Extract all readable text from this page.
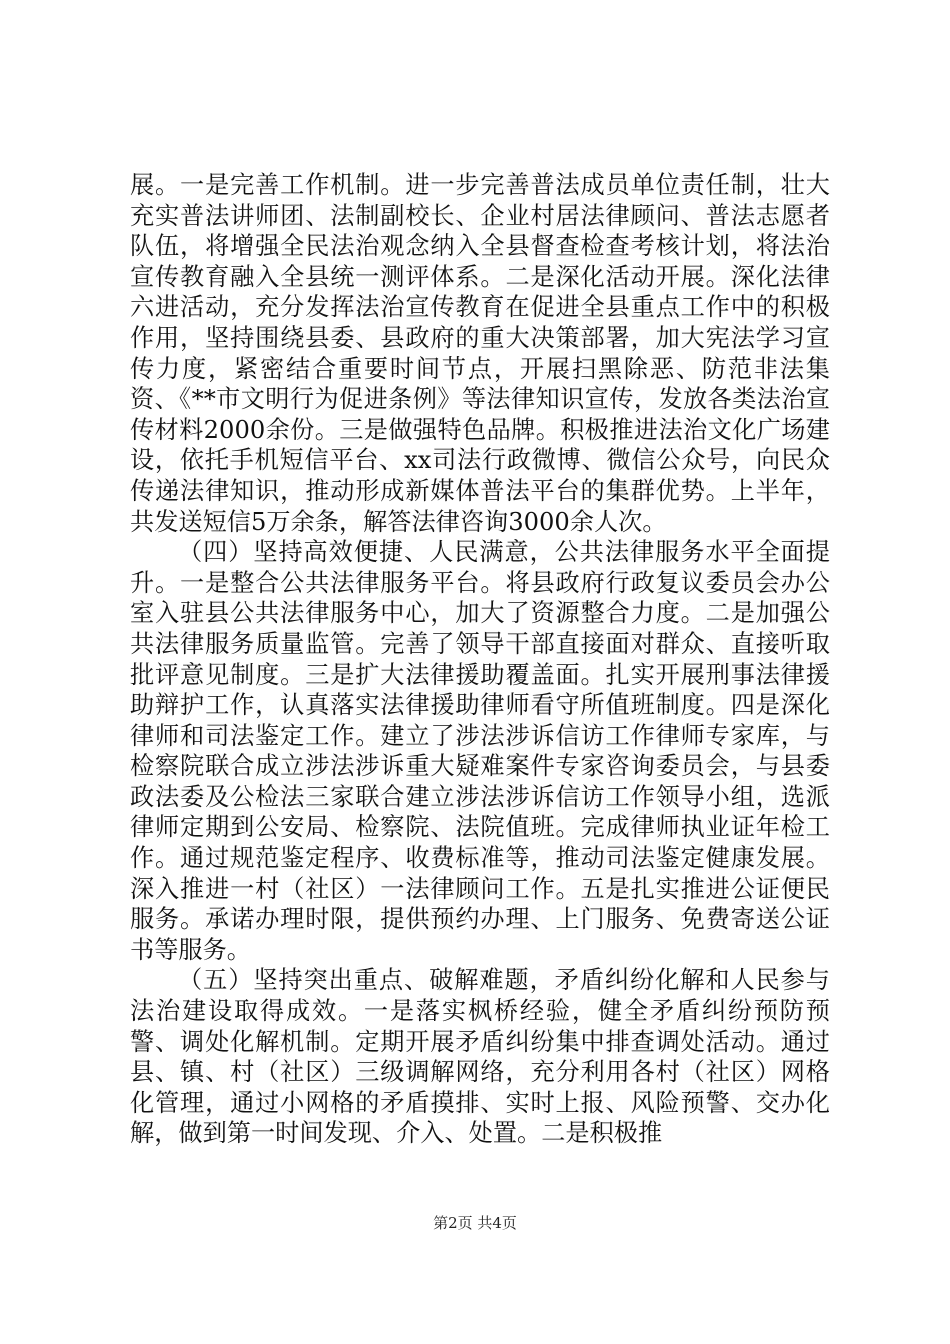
展。一是完善工作机制。进一步完善普法成员单位责任制，壮大充实普法讲师团、法制副校长、企业村居法律顾问、普法志愿者队伍，将增强全民法治观念纳入全县督查检查考核计划，将法治宣传教育融入全县统一测评体系。二是深化活动开展。深化法律六进活动，充分发挥法治宣传教育在促进全县重点工作中的积极作用，坚持围绕县委、县政府的重大决策部署，加大宪法学习宣传力度，紧密结合重要时间节点，开展扫黑除恶、防范非法集资、《**市文明行为促进条例》等法律知识宣传，发放各类法治宣传材料2000余份。三是做强特色品牌。积极推进法治文化广场建设，依托手机短信平台、xx司法行政微博、微信公众号，向民众传递法律知识，推动形成新媒体普法平台的集群优势。上半年，共发送短信5万余条，解答法律咨询3000余人次。

（四）坚持高效便捷、人民满意，公共法律服务水平全面提升。一是整合公共法律服务平台。将县政府行政复议委员会办公室入驻县公共法律服务中心，加大了资源整合力度。二是加强公共法律服务质量监管。完善了领导干部直接面对群众、直接听取批评意见制度。三是扩大法律援助覆盖面。扎实开展刑事法律援助辩护工作，认真落实法律援助律师看守所值班制度。四是深化律师和司法鉴定工作。建立了涉法涉诉信访工作律师专家库，与检察院联合成立涉法涉诉重大疑难案件专家咨询委员会，与县委政法委及公检法三家联合建立涉法涉诉信访工作领导小组，选派律师定期到公安局、检察院、法院值班。完成律师执业证年检工作。通过规范鉴定程序、收费标准等，推动司法鉴定健康发展。深入推进一村（社区）一法律顾问工作。五是扎实推进公证便民服务。承诺办理时限，提供预约办理、上门服务、免费寄送公证书等服务。

（五）坚持突出重点、破解难题，矛盾纠纷化解和人民参与法治建设取得成效。一是落实枫桥经验，健全矛盾纠纷预防预警、调处化解机制。定期开展矛盾纠纷集中排查调处活动。通过县、镇、村（社区）三级调解网络，充分利用各村（社区）网格化管理，通过小网格的矛盾摸排、实时上报、风险预警、交办化解，做到第一时间发现、介入、处置。二是积极推

第2页 共4页
